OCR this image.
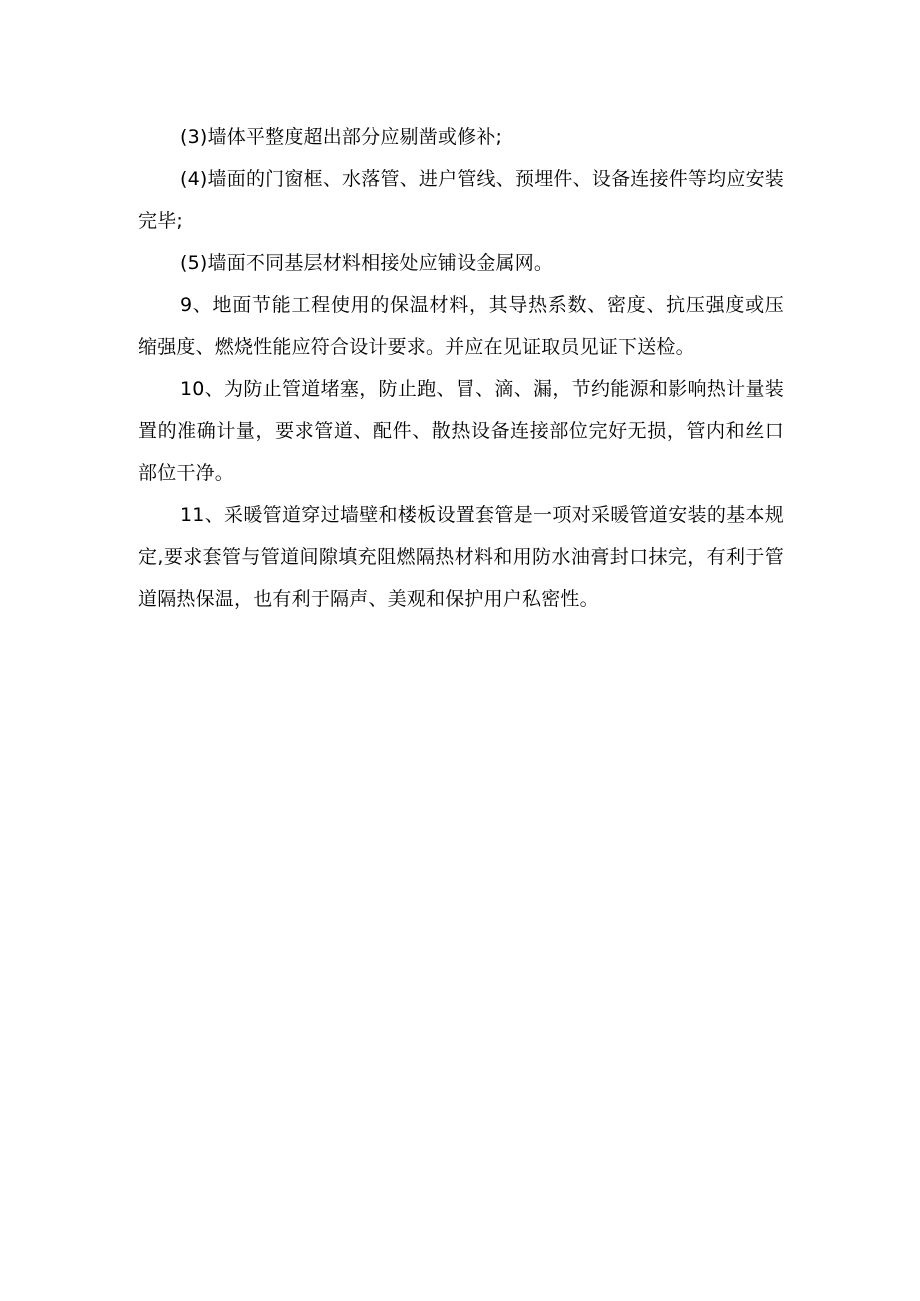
(3)墙体平整度超出部分应剔凿或修补;

(4)墙面的门窗框、水落管、进户管线、预埋件、设备连接件等均应安装完毕;

(5)墙面不同基层材料相接处应铺设金属网。

9、地面节能工程使用的保温材料，其导热系数、密度、抗压强度或压缩强度、燃烧性能应符合设计要求。并应在见证取员见证下送检。

10、为防止管道堵塞，防止跑、冒、滴、漏，节约能源和影响热计量装置的准确计量，要求管道、配件、散热设备连接部位完好无损，管内和丝口部位干净。

11、采暖管道穿过墙壁和楼板设置套管是一项对采暖管道安装的基本规定,要求套管与管道间隙填充阻燃隔热材料和用防水油膏封口抹完，有利于管道隔热保温，也有利于隔声、美观和保护用户私密性。
